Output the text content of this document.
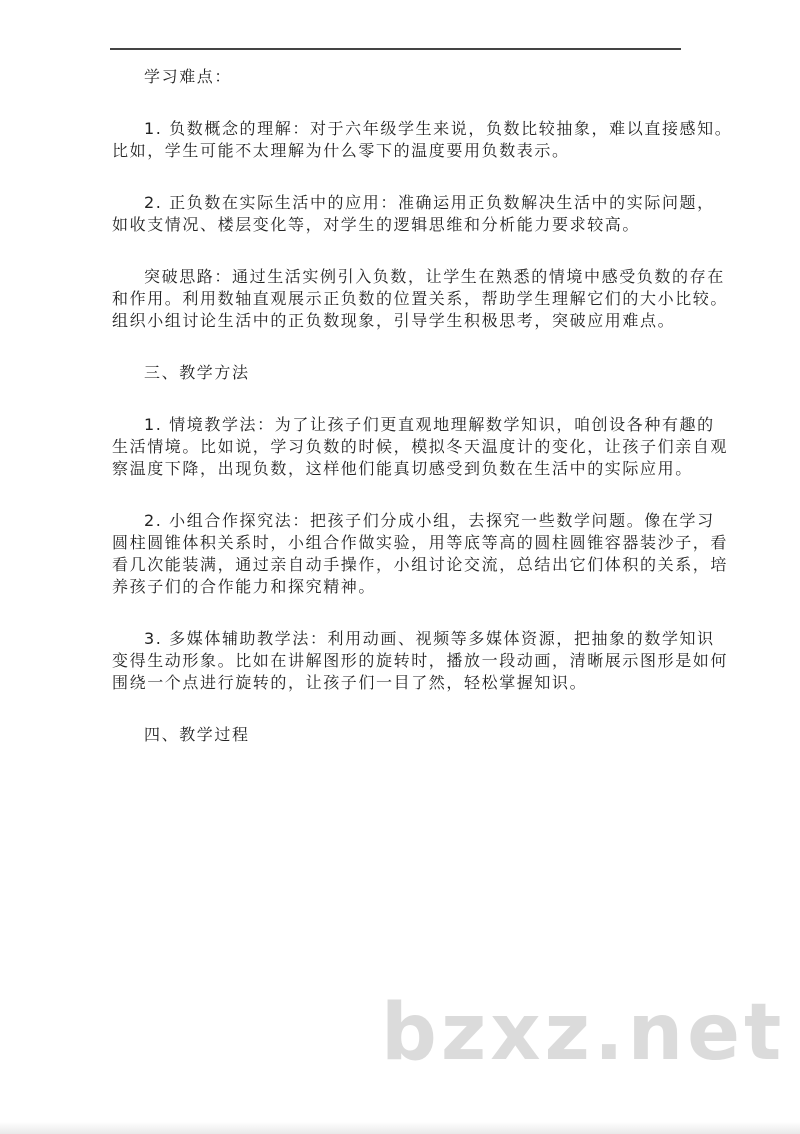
学习难点：
1. 负数概念的理解：对于六年级学生来说，负数比较抽象，难以直接感知。
比如，学生可能不太理解为什么零下的温度要用负数表示。
2. 正负数在实际生活中的应用：准确运用正负数解决生活中的实际问题，
如收支情况、楼层变化等，对学生的逻辑思维和分析能力要求较高。
突破思路：通过生活实例引入负数，让学生在熟悉的情境中感受负数的存在
和作用。利用数轴直观展示正负数的位置关系，帮助学生理解它们的大小比较。
组织小组讨论生活中的正负数现象，引导学生积极思考，突破应用难点。
三、教学方法
1. 情境教学法：为了让孩子们更直观地理解数学知识，咱创设各种有趣的
生活情境。比如说，学习负数的时候，模拟冬天温度计的变化，让孩子们亲自观
察温度下降，出现负数，这样他们能真切感受到负数在生活中的实际应用。
2. 小组合作探究法：把孩子们分成小组，去探究一些数学问题。像在学习
圆柱圆锥体积关系时，小组合作做实验，用等底等高的圆柱圆锥容器装沙子，看
看几次能装满，通过亲自动手操作，小组讨论交流，总结出它们体积的关系，培
养孩子们的合作能力和探究精神。
3. 多媒体辅助教学法：利用动画、视频等多媒体资源，把抽象的数学知识
变得生动形象。比如在讲解图形的旋转时，播放一段动画，清晰展示图形是如何
围绕一个点进行旋转的，让孩子们一目了然，轻松掌握知识。
四、教学过程
bzxz.net
